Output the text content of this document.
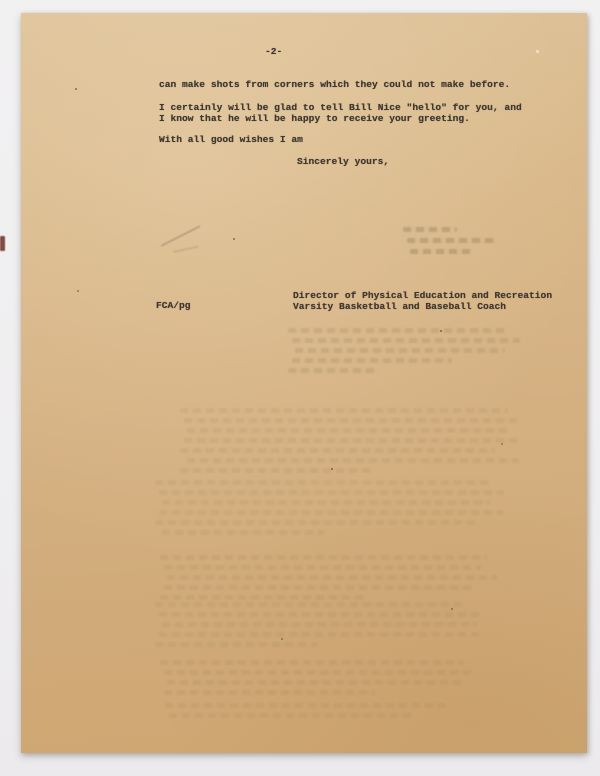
-2-
can make shots from corners which they could not make before.
I certainly will be glad to tell Bill Nice "hello" for you, and
I know that he will be happy to receive your greeting.
With all good wishes I am
Sincerely yours,
FCA/pg
Director of Physical Education and Recreation
Varsity Basketball and Baseball Coach
